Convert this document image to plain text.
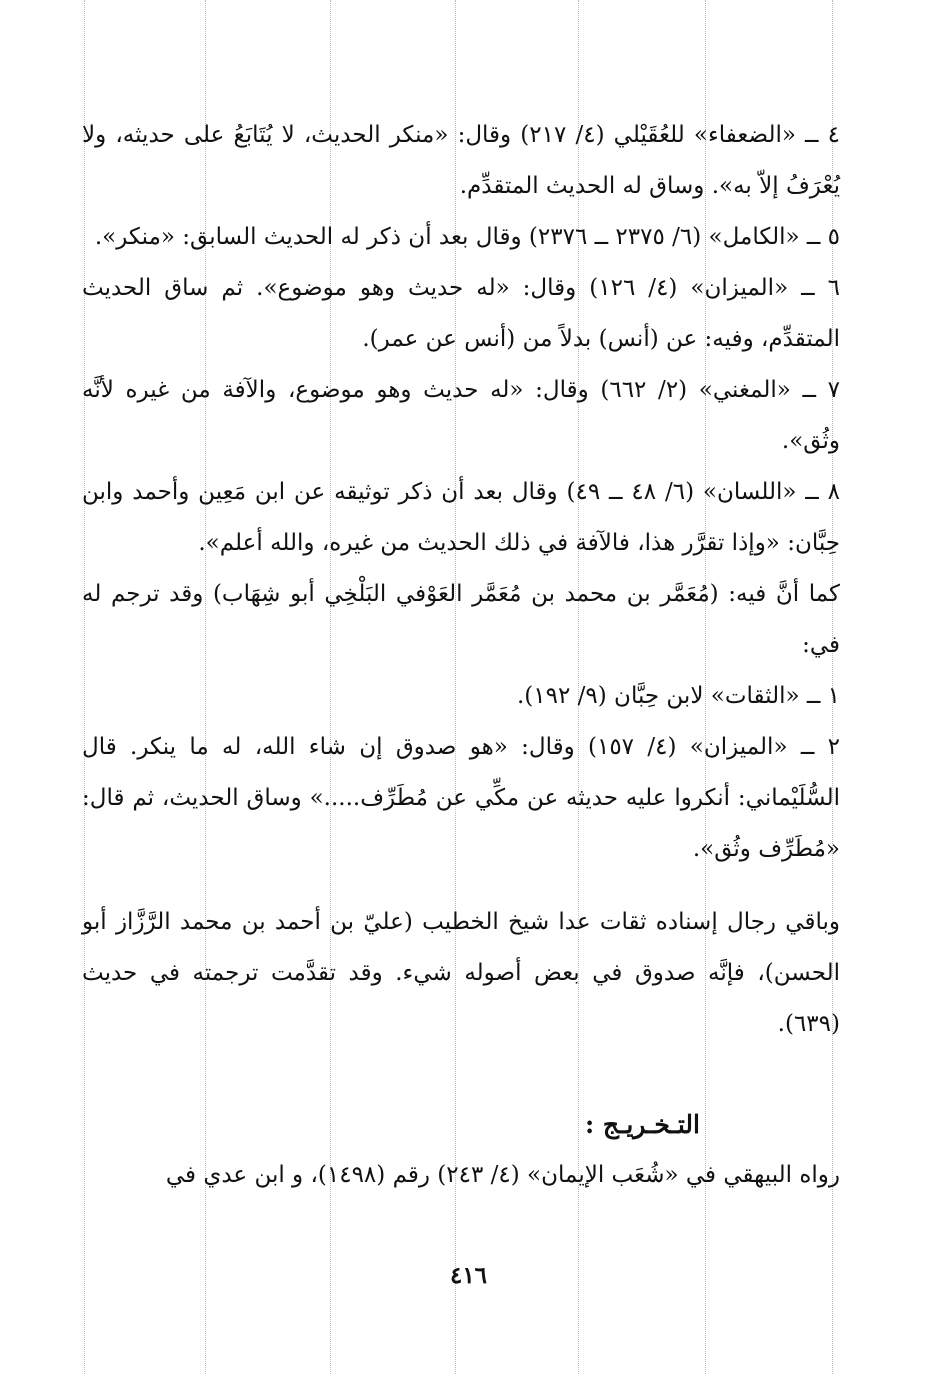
٤ ــ «الضعفاء» للعُقَيْلي (٤/ ٢١٧) وقال: «منكر الحديث، لا يُتَابَعُ على حديثه، ولا يُعْرَفُ إلاّ به». وساق له الحديث المتقدِّم.

٥ ــ «الكامل» (٦/ ٢٣٧٥ ــ ٢٣٧٦) وقال بعد أن ذكر له الحديث السابق: «منكر».

٦ ــ «الميزان» (٤/ ١٢٦) وقال: «له حديث وهو موضوع». ثم ساق الحديث المتقدِّم، وفيه: عن (أنس) بدلاً من (أنس عن عمر).

٧ ــ «المغني» (٢/ ٦٦٢) وقال: «له حديث وهو موضوع، والآفة من غيره لأنَّه وثُق».

٨ ــ «اللسان» (٦/ ٤٨ ــ ٤٩) وقال بعد أن ذكر توثيقه عن ابن مَعِين وأحمد وابن حِبَّان: «وإذا تقرَّر هذا، فالآفة في ذلك الحديث من غيره، والله أعلم».

كما أنَّ فيه: (مُعَمَّر بن محمد بن مُعَمَّر العَوْفي البَلْخِي أبو شِهَاب) وقد ترجم له في:

١ ــ «الثقات» لابن حِبَّان (٩/ ١٩٢).

٢ ــ «الميزان» (٤/ ١٥٧) وقال: «هو صدوق إن شاء الله، له ما ينكر. قال السُّلَيْماني: أنكروا عليه حديثه عن مكِّي عن مُطَرِّف.....» وساق الحديث، ثم قال: «مُطَرِّف وثُق».

وباقي رجال إسناده ثقات عدا شيخ الخطيب (عليّ بن أحمد بن محمد الرَّزَّاز أبو الحسن)، فإنَّه صدوق في بعض أصوله شيء. وقد تقدَّمت ترجمته في حديث (٦٣٩).

التـخـريـج :

رواه البيهقي في «شُعَب الإيمان» (٤/ ٢٤٣) رقم (١٤٩٨)، و ابن عدي في

٤١٦
